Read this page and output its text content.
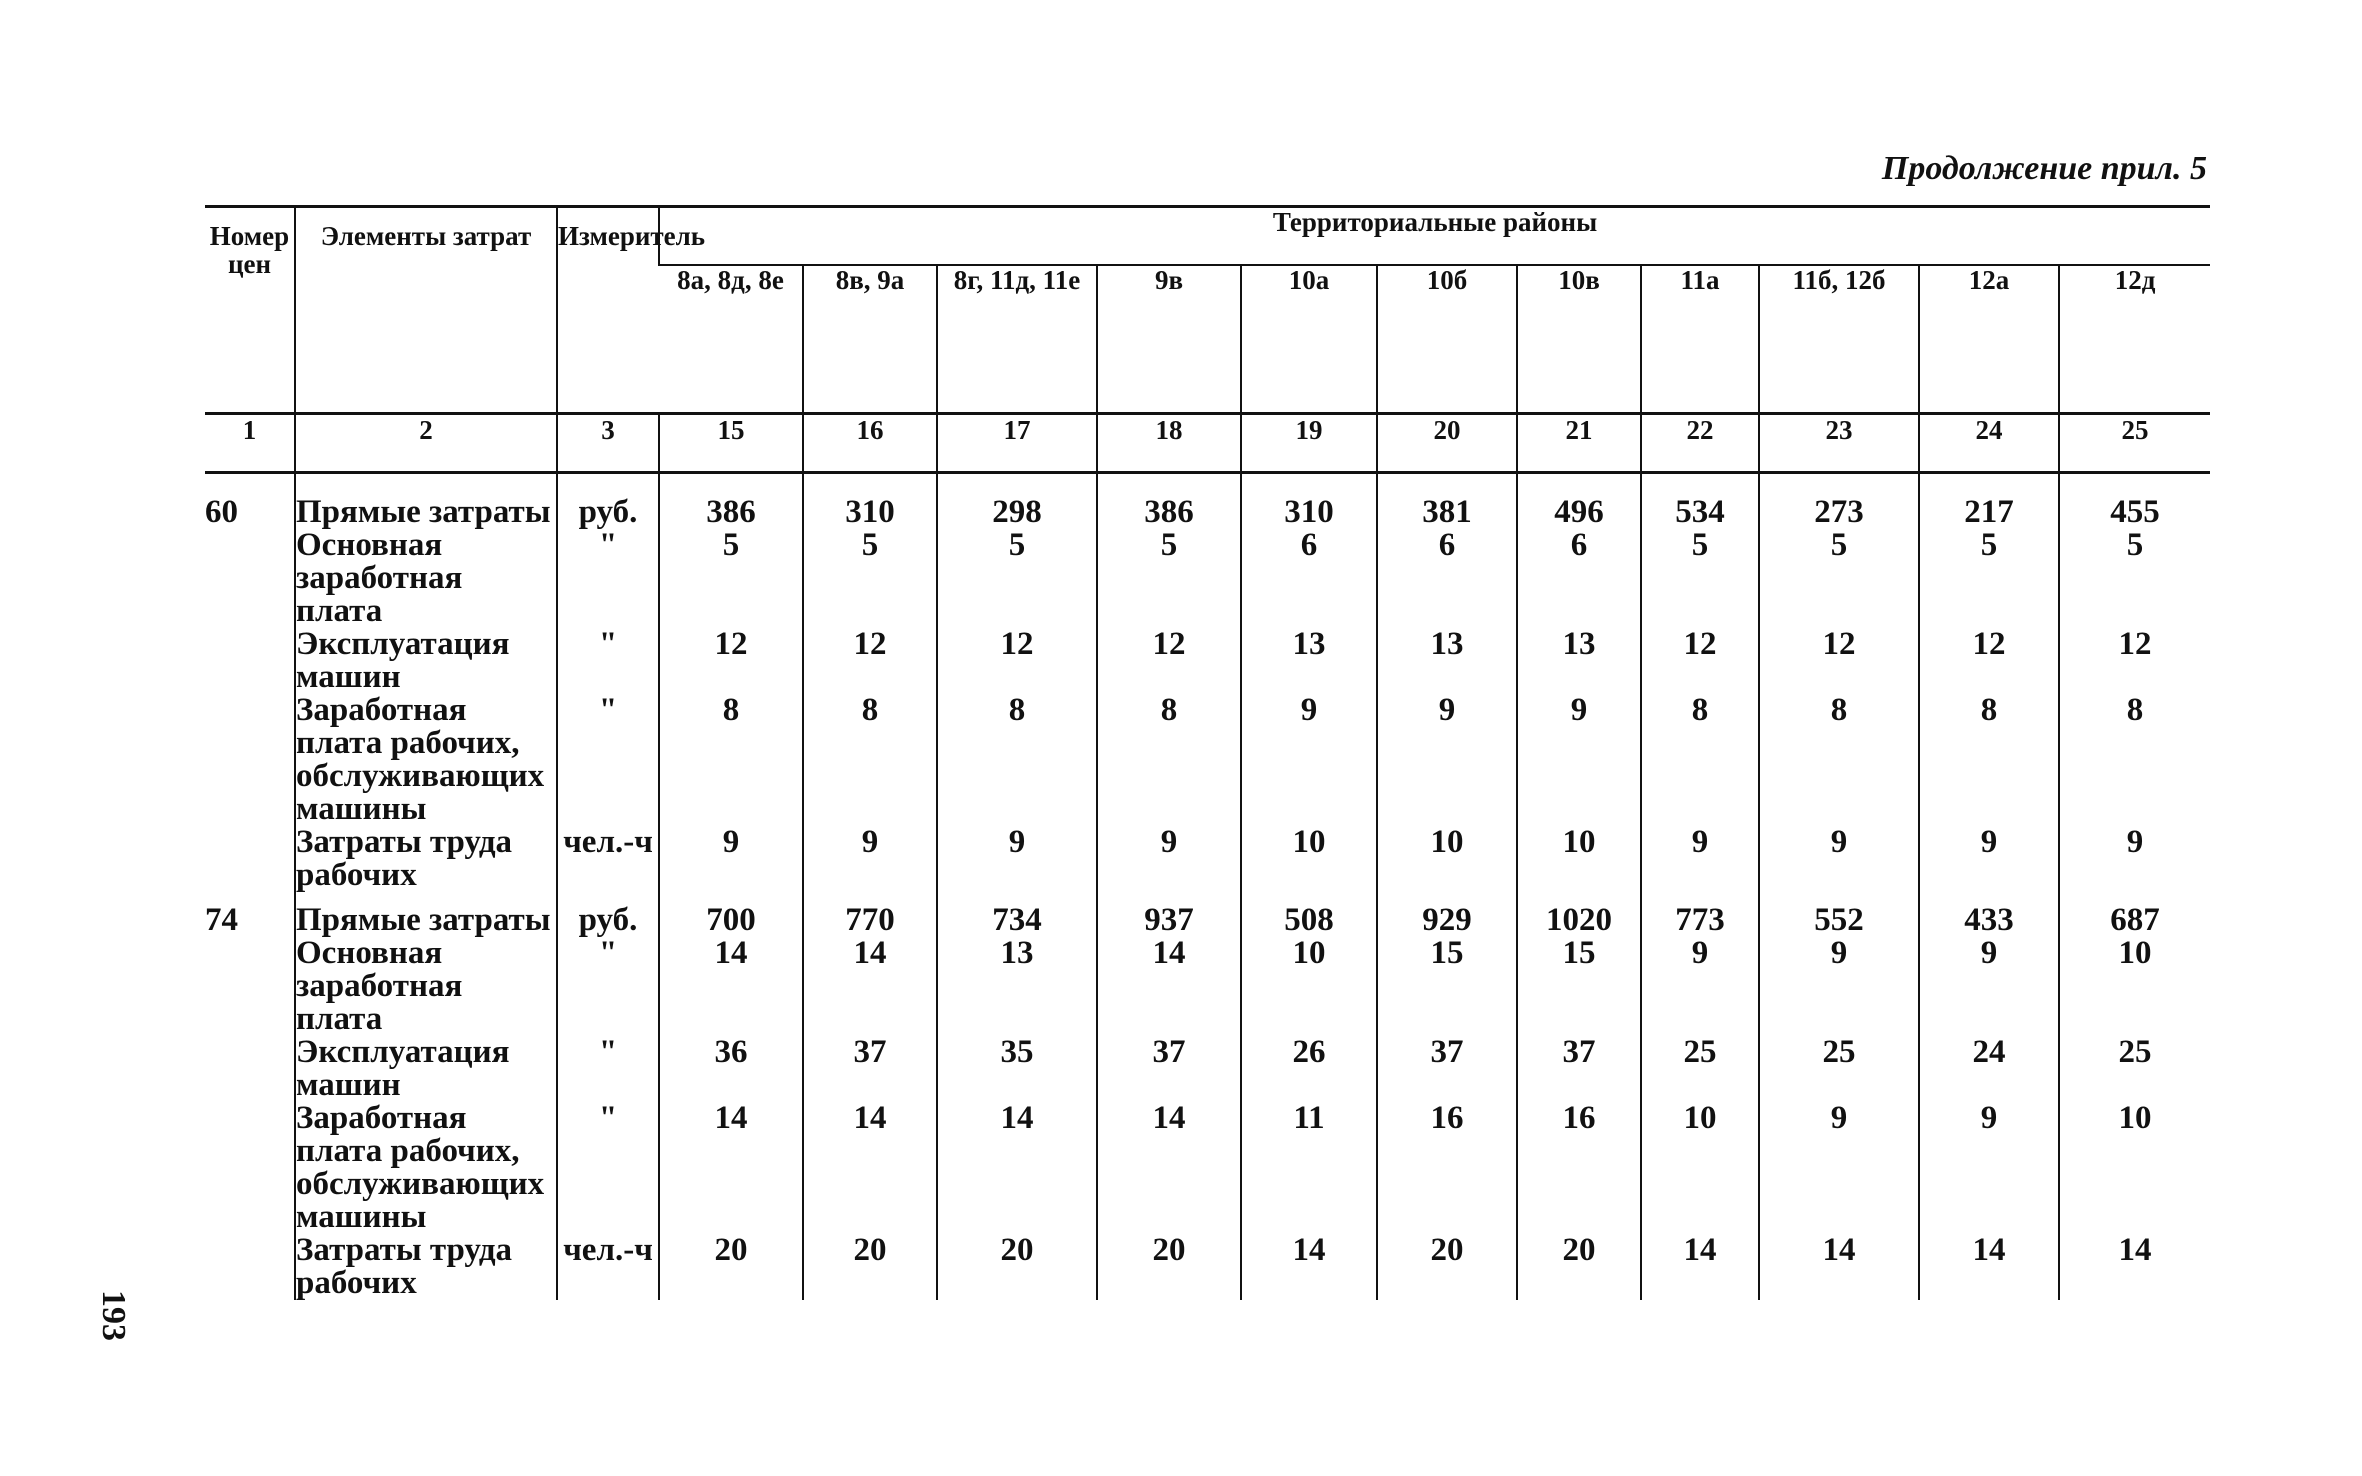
Продолжение прил. 5
193
Номер цен	Элементы затрат	Измеритель	Территориальные районы										
			8а, 8д, 8е	8в, 9а	8г, 11д, 11е	9в	10а	10б	10в	11а	11б, 12б	12а	12д
1	2	3	15	16	17	18	19	20	21	22	23	24	25

60	Прямые затраты	руб.	386	310	298	386	310	381	496	534	273	217	455
	Основная заработная плата	"	5	5	5	5	6	6	6	5	5	5	5
	Эксплуатация машин	"	12	12	12	12	13	13	13	12	12	12	12
	Заработная плата рабочих, обслуживающих машины	"	8	8	8	8	9	9	9	8	8	8	8
	Затраты труда рабочих	чел.-ч	9	9	9	9	10	10	10	9	9	9	9

74	Прямые затраты	руб.	700	770	734	937	508	929	1020	773	552	433	687
	Основная заработная плата	"	14	14	13	14	10	15	15	9	9	9	10
	Эксплуатация машин	"	36	37	35	37	26	37	37	25	25	24	25
	Заработная плата рабочих, обслуживающих машины	"	14	14	14	14	11	16	16	10	9	9	10
	Затраты труда рабочих	чел.-ч	20	20	20	20	14	20	20	14	14	14	14
